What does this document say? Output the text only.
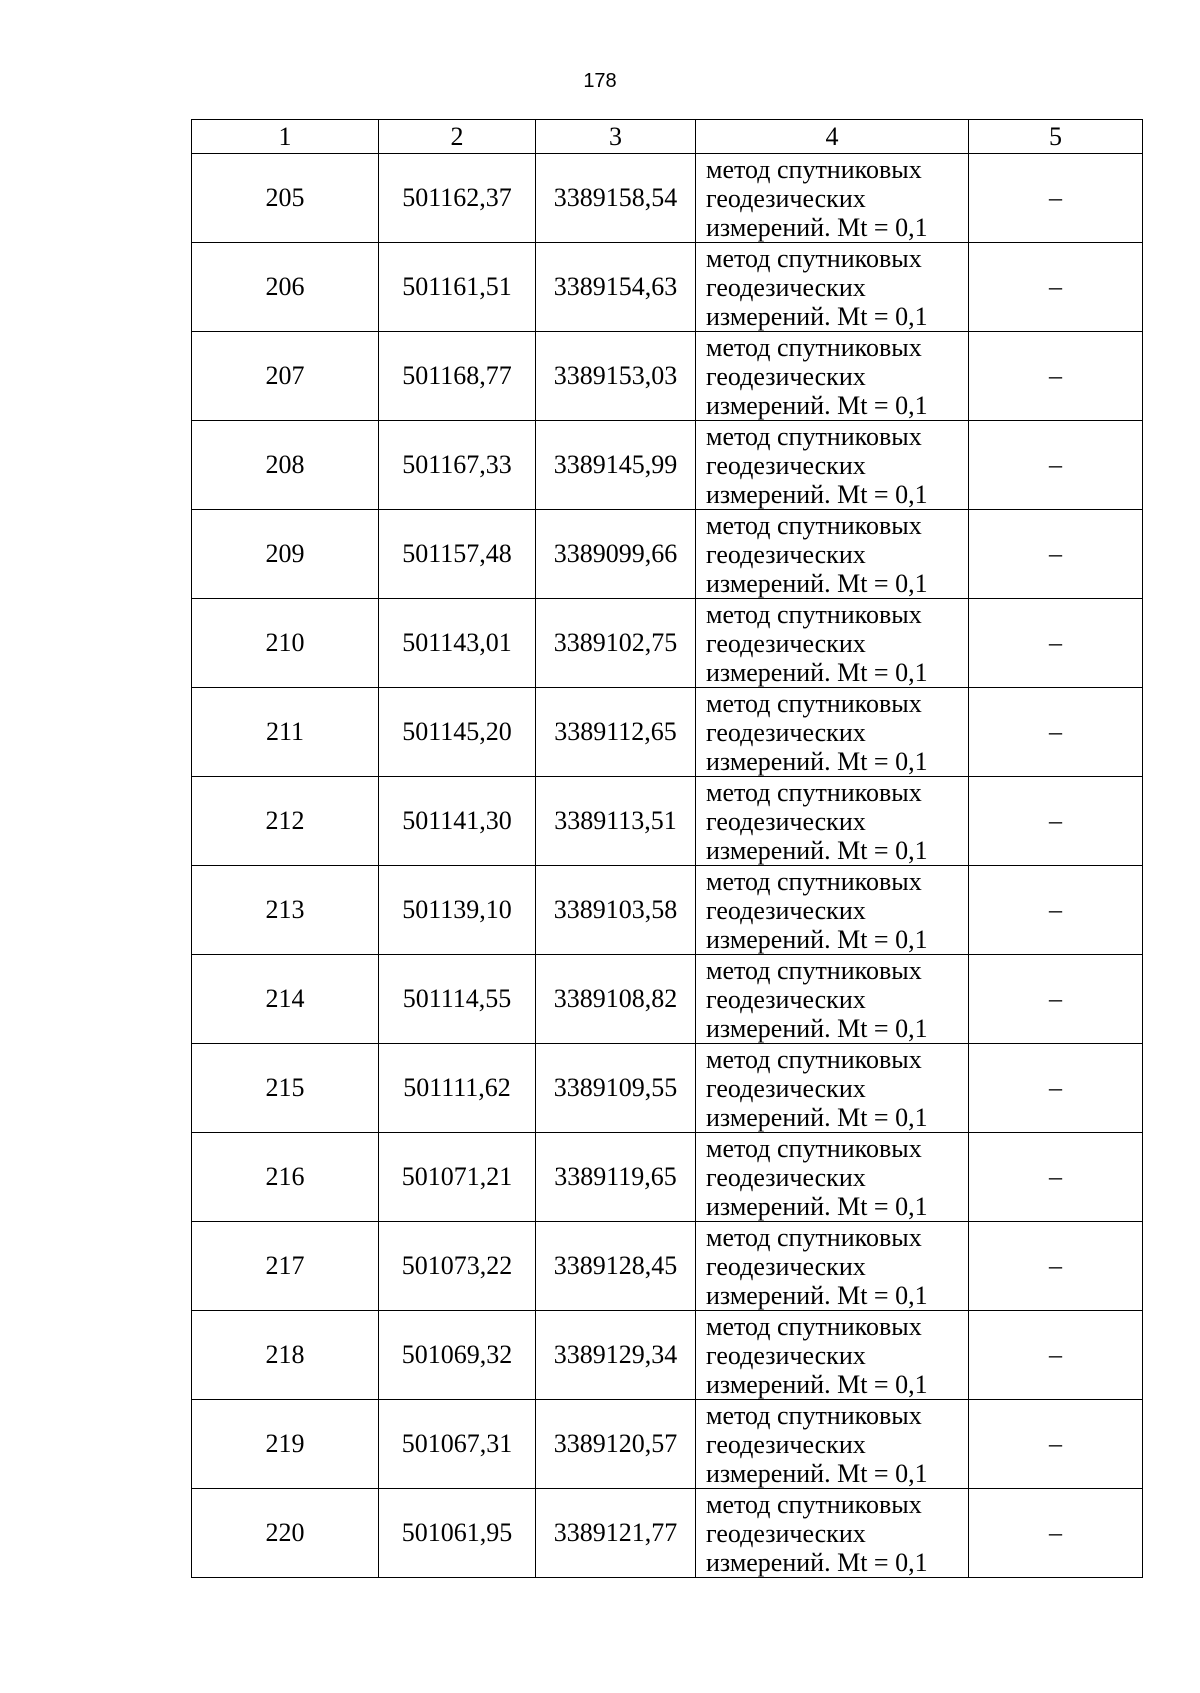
178
1	2	3	4	5
205	501162,37	3389158,54	метод спутниковых
геодезических
измерений. Mt = 0,1	–
206	501161,51	3389154,63	метод спутниковых
геодезических
измерений. Mt = 0,1	–
207	501168,77	3389153,03	метод спутниковых
геодезических
измерений. Mt = 0,1	–
208	501167,33	3389145,99	метод спутниковых
геодезических
измерений. Mt = 0,1	–
209	501157,48	3389099,66	метод спутниковых
геодезических
измерений. Mt = 0,1	–
210	501143,01	3389102,75	метод спутниковых
геодезических
измерений. Mt = 0,1	–
211	501145,20	3389112,65	метод спутниковых
геодезических
измерений. Mt = 0,1	–
212	501141,30	3389113,51	метод спутниковых
геодезических
измерений. Mt = 0,1	–
213	501139,10	3389103,58	метод спутниковых
геодезических
измерений. Mt = 0,1	–
214	501114,55	3389108,82	метод спутниковых
геодезических
измерений. Mt = 0,1	–
215	501111,62	3389109,55	метод спутниковых
геодезических
измерений. Mt = 0,1	–
216	501071,21	3389119,65	метод спутниковых
геодезических
измерений. Mt = 0,1	–
217	501073,22	3389128,45	метод спутниковых
геодезических
измерений. Mt = 0,1	–
218	501069,32	3389129,34	метод спутниковых
геодезических
измерений. Mt = 0,1	–
219	501067,31	3389120,57	метод спутниковых
геодезических
измерений. Mt = 0,1	–
220	501061,95	3389121,77	метод спутниковых
геодезических
измерений. Mt = 0,1	–
